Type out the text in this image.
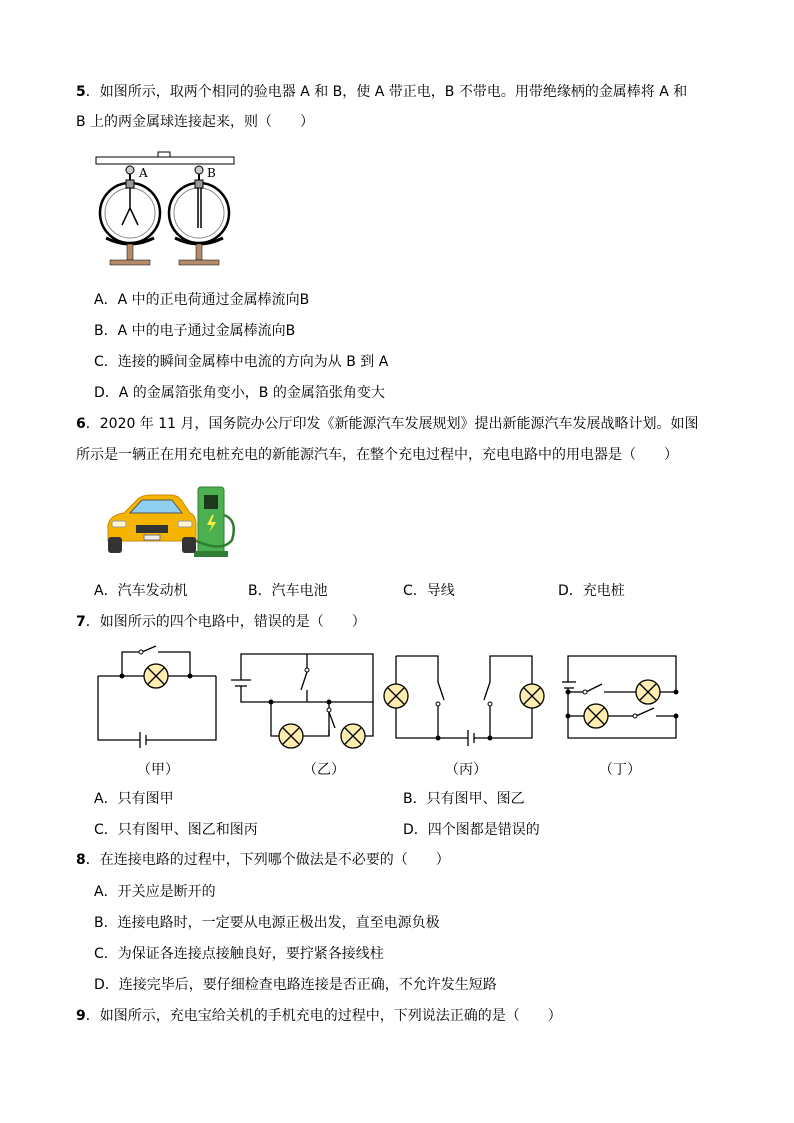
5．如图所示，取两个相同的验电器 A 和 B，使 A 带正电，B 不带电。用带绝缘柄的金属棒将 A 和
B 上的两金属球连接起来，则（　　）
A	B
A．A 中的正电荷通过金属棒流向B
B．A 中的电子通过金属棒流向B
C．连接的瞬间金属棒中电流的方向为从 B 到 A
D．A 的金属箔张角变小，B 的金属箔张角变大
6．2020 年 11 月，国务院办公厅印发《新能源汽车发展规划》提出新能源汽车发展战略计划。如图
所示是一辆正在用充电桩充电的新能源汽车，在整个充电过程中，充电电路中的用电器是（　　）
A．汽车发动机	B．汽车电池	C．导线	D．充电桩
7．如图所示的四个电路中，错误的是（　　）
（甲）	（乙）	（丙）	（丁）
A．只有图甲	B．只有图甲、图乙
C．只有图甲、图乙和图丙	D．四个图都是错误的
8．在连接电路的过程中，下列哪个做法是不必要的（　　）
A．开关应是断开的
B．连接电路时，一定要从电源正极出发，直至电源负极
C．为保证各连接点接触良好，要拧紧各接线柱
D．连接完毕后，要仔细检查电路连接是否正确，不允许发生短路
9．如图所示，充电宝给关机的手机充电的过程中，下列说法正确的是（　　）
